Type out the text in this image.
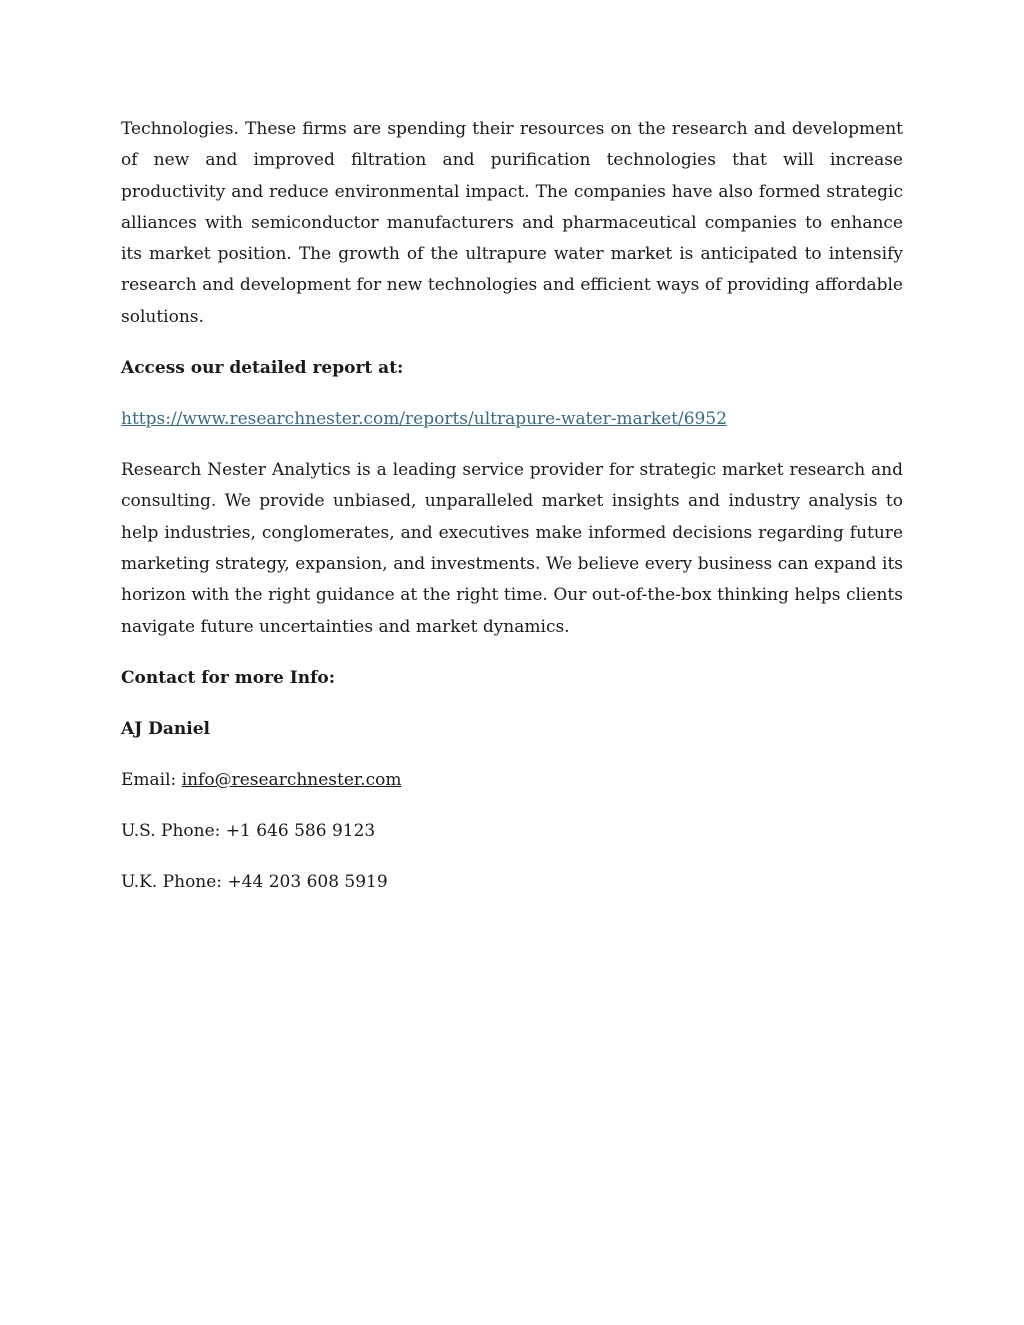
Technologies. These firms are spending their resources on the research and development of new and improved filtration and purification technologies that will increase productivity and reduce environmental impact. The companies have also formed strategic alliances with semiconductor manufacturers and pharmaceutical companies to enhance its market position. The growth of the ultrapure water market is anticipated to intensify research and development for new technologies and efficient ways of providing affordable solutions.

Access our detailed report at:

https://www.researchnester.com/reports/ultrapure-water-market/6952

Research Nester Analytics is a leading service provider for strategic market research and consulting. We provide unbiased, unparalleled market insights and industry analysis to help industries, conglomerates, and executives make informed decisions regarding future marketing strategy, expansion, and investments. We believe every business can expand its horizon with the right guidance at the right time. Our out-of-the-box thinking helps clients navigate future uncertainties and market dynamics.

Contact for more Info:

AJ Daniel

Email: info@researchnester.com

U.S. Phone: +1 646 586 9123

U.K. Phone: +44 203 608 5919
